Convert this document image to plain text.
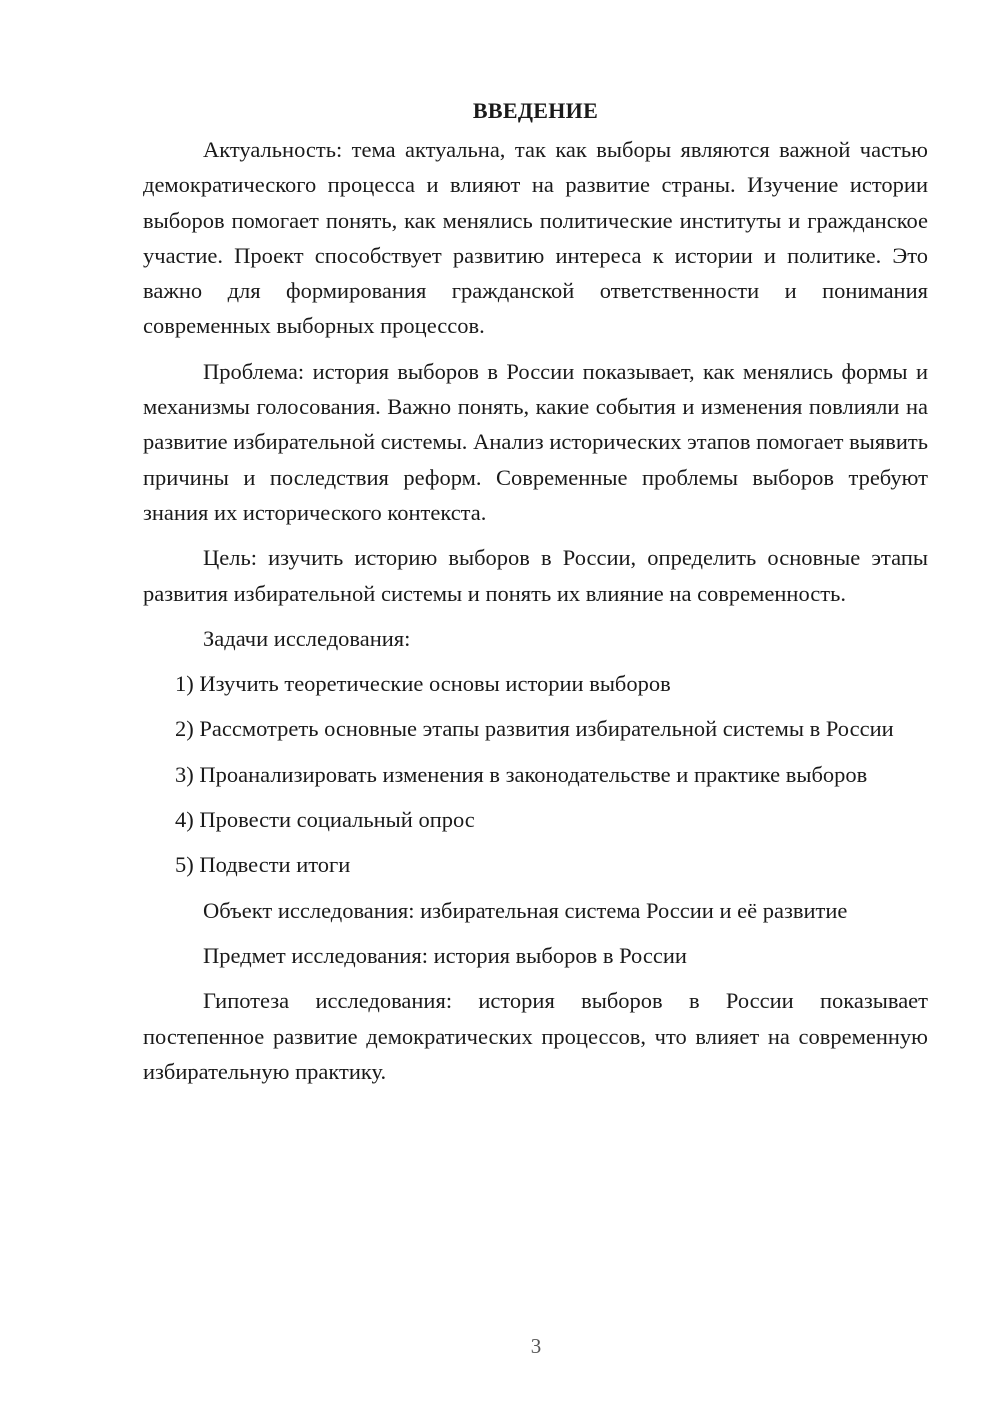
ВВЕДЕНИЕ

Актуальность: тема актуальна, так как выборы являются важной частью демократического процесса и влияют на развитие страны. Изучение истории выборов помогает понять, как менялись политические институты и гражданское участие. Проект способствует развитию интереса к истории и политике. Это важно для формирования гражданской ответственности и понимания современных выборных процессов.

Проблема: история выборов в России показывает, как менялись формы и механизмы голосования. Важно понять, какие события и изменения повлияли на развитие избирательной системы. Анализ исторических этапов помогает выявить причины и последствия реформ. Современные проблемы выборов требуют знания их исторического контекста.

Цель: изучить историю выборов в России, определить основные этапы развития избирательной системы и понять их влияние на современность.

Задачи исследования:

1) Изучить теоретические основы истории выборов

2) Рассмотреть основные этапы развития избирательной системы в России

3) Проанализировать изменения в законодательстве и практике выборов

4) Провести социальный опрос

5) Подвести итоги

Объект исследования: избирательная система России и её развитие

Предмет исследования: история выборов в России

Гипотеза исследования: история выборов в России показывает постепенное развитие демократических процессов, что влияет на современную избирательную практику.

3
